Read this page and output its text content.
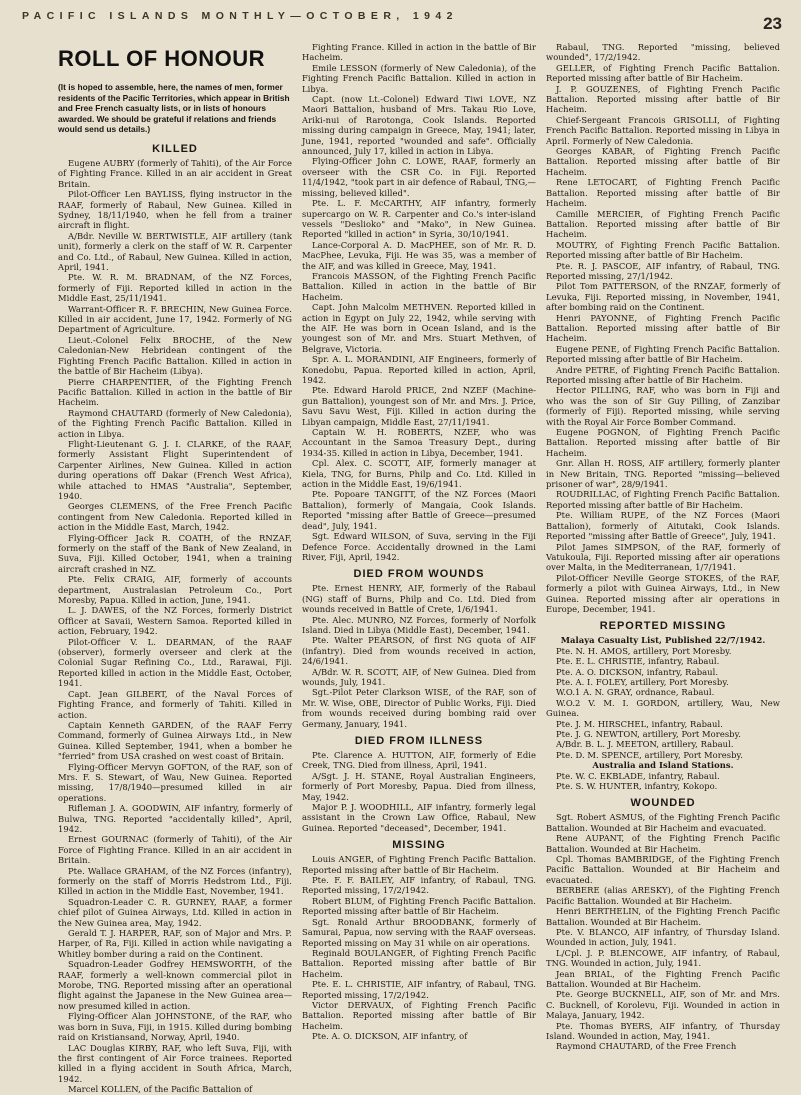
PACIFIC ISLANDS MONTHLY—OCTOBER, 1942	23
ROLL OF HONOUR
(It is hoped to assemble, here, the names of men, former residents of the Pacific Territories, which appear in British and Free French casualty lists, or in lists of honours awarded. We should be grateful if relations and friends would send us details.)
KILLED

Eugene AUBRY (formerly of Tahiti), of the Air Force of Fighting France. Killed in an air accident in Great Britain.

Pilot-Officer Len BAYLISS, flying instructor in the RAAF, formerly of Rabaul, New Guinea. Killed in Sydney, 18/11/1940, when he fell from a trainer aircraft in flight.

A/Bdr. Neville W. BERTWISTLE, AIF artillery (tank unit), formerly a clerk on the staff of W. R. Carpenter and Co. Ltd., of Rabaul, New Guinea. Killed in action, April, 1941.

Pte. W. R. M. BRADNAM, of the NZ Forces, formerly of Fiji. Reported killed in action in the Middle East, 25/11/1941.

Warrant-Officer R. F. BRECHIN, New Guinea Force. Killed in air accident, June 17, 1942. Formerly of NG Department of Agriculture.

Lieut.-Colonel Felix BROCHE, of the New Caledonian-New Hebridean contingent of the Fighting French Pacific Battalion. Killed in action in the battle of Bir Hacheim (Libya).

Pierre CHARPENTIER, of the Fighting French Pacific Battalion. Killed in action in the battle of Bir Hacheim.

Raymond CHAUTARD (formerly of New Caledonia), of the Fighting French Pacific Battalion. Killed in action in Libya.

Flight-Lieutenant G. J. I. CLARKE, of the RAAF, formerly Assistant Flight Superintendent of Carpenter Airlines, New Guinea. Killed in action during operations off Dakar (French West Africa), while attached to HMAS "Australia", September, 1940.

Georges CLEMENS, of the Free French Pacific contingent from New Caledonia. Reported killed in action in the Middle East, March, 1942.

Flying-Officer Jack R. COATH, of the RNZAF, formerly on the staff of the Bank of New Zealand, in Suva, Fiji. Killed October, 1941, when a training aircraft crashed in NZ.

Pte. Felix CRAIG, AIF, formerly of accounts department, Australasian Petroleum Co., Port Moresby, Papua. Killed in action, June, 1941.

L. J. DAWES, of the NZ Forces, formerly District Officer at Savaii, Western Samoa. Reported killed in action, February, 1942.

Pilot-Officer V. L. DEARMAN, of the RAAF (observer), formerly overseer and clerk at the Colonial Sugar Refining Co., Ltd., Rarawai, Fiji. Reported killed in action in the Middle East, October, 1941.

Capt. Jean GILBERT, of the Naval Forces of Fighting France, and formerly of Tahiti. Killed in action.

Captain Kenneth GARDEN, of the RAAF Ferry Command, formerly of Guinea Airways Ltd., in New Guinea. Killed September, 1941, when a bomber he "ferried" from USA crashed on west coast of Britain.

Flying-Officer Mervyn GOFTON, of the RAF, son of Mrs. F. S. Stewart, of Wau, New Guinea. Reported missing, 17/8/1940—presumed killed in air operations.

Rifleman J. A. GOODWIN, AIF infantry, formerly of Bulwa, TNG. Reported "accidentally killed", April, 1942.

Ernest GOURNAC (formerly of Tahiti), of the Air Force of Fighting France. Killed in an air accident in Britain.

Pte. Wallace GRAHAM, of the NZ Forces (infantry), formerly on the staff of Morris Hedstrom Ltd., Fiji. Killed in action in the Middle East, November, 1941.

Squadron-Leader C. R. GURNEY, RAAF, a former chief pilot of Guinea Airways, Ltd. Killed in action in the New Guinea area, May, 1942.

Gerald T. J. HARPER, RAF, son of Major and Mrs. P. Harper, of Ra, Fiji. Killed in action while navigating a Whitley bomber during a raid on the Continent.

Squadron-Leader Godfrey HEMSWORTH, of the RAAF, formerly a well-known commercial pilot in Morobe, TNG. Reported missing after an operational flight against the Japanese in the New Guinea area—now presumed killed in action.

Flying-Officer Alan JOHNSTONE, of the RAF, who was born in Suva, Fiji, in 1915. Killed during bombing raid on Kristiansand, Norway, April, 1940.

LAC Douglas KIRBY, RAF, who left Suva, Fiji, with the first contingent of Air Force trainees. Reported killed in a flying accident in South Africa, March, 1942.

Marcel KOLLEN, of the Pacific Battalion of

Fighting France. Killed in action in the battle of Bir Hacheim.

Emile LESSON (formerly of New Caledonia), of the Fighting French Pacific Battalion. Killed in action in Libya.

Capt. (now Lt.-Colonel) Edward Tiwi LOVE, NZ Maori Battalion, husband of Mrs. Takau Rio Love, Ariki-nui of Rarotonga, Cook Islands. Reported missing during campaign in Greece, May, 1941; later, June, 1941, reported "wounded and safe". Officially announced, July 17, killed in action in Libya.

Flying-Officer John C. LOWE, RAAF, formerly an overseer with the CSR Co. in Fiji. Reported 11/4/1942, "took part in air defence of Rabaul, TNG,—missing, believed killed".

Pte. L. F. McCARTHY, AIF infantry, formerly supercargo on W. R. Carpenter and Co.'s inter-island vessels "Deslioko" and "Mako", in New Guinea. Reported "killed in action" in Syria, 30/10/1941.

Lance-Corporal A. D. MacPHEE, son of Mr. R. D. MacPhee, Levuka, Fiji. He was 35, was a member of the AIF, and was killed in Greece, May, 1941.

Francois MASSON, of the Fighting French Pacific Battalion. Killed in action in the battle of Bir Hacheim.

Capt. John Malcolm METHVEN. Reported killed in action in Egypt on July 22, 1942, while serving with the AIF. He was born in Ocean Island, and is the youngest son of Mr. and Mrs. Stuart Methven, of Belgrave, Victoria.

Spr. A. L. MORANDINI, AIF Engineers, formerly of Konedobu, Papua. Reported killed in action, April, 1942.

Pte. Edward Harold PRICE, 2nd NZEF (Machine-gun Battalion), youngest son of Mr. and Mrs. J. Price, Savu Savu West, Fiji. Killed in action during the Libyan campaign, Middle East, 27/11/1941.

Captain W. H. ROBERTS, NZEF, who was Accountant in the Samoa Treasury Dept., during 1934-35. Killed in action in Libya, December, 1941.

Cpl. Alex. C. SCOTT, AIF, formerly manager at Kiela, TNG, for Burns, Philp and Co. Ltd. Killed in action in the Middle East, 19/6/1941.

Pte. Popoare TANGITT, of the NZ Forces (Maori Battalion), formerly of Mangaia, Cook Islands. Reported "missing after Battle of Greece—presumed dead", July, 1941.

Sgt. Edward WILSON, of Suva, serving in the Fiji Defence Force. Accidentally drowned in the Lami River, Fiji, April, 1942.

DIED FROM WOUNDS

Pte. Ernest HENRY, AIF, formerly of the Rabaul (NG) staff of Burns, Philp and Co. Ltd. Died from wounds received in Battle of Crete, 1/6/1941.

Pte. Alec. MUNRO, NZ Forces, formerly of Norfolk Island. Died in Libya (Middle East), December, 1941.

Pte. Walter PEARSON, of first NG quota of AIF (infantry). Died from wounds received in action, 24/6/1941.

A/Bdr. W. R. SCOTT, AIF, of New Guinea. Died from wounds, July, 1941.

Sgt.-Pilot Peter Clarkson WISE, of the RAF, son of Mr. W. Wise, OBE, Director of Public Works, Fiji. Died from wounds received during bombing raid over Germany, January, 1941.

DIED FROM ILLNESS

Pte. Clarence A. HUTTON, AIF, formerly of Edie Creek, TNG. Died from illness, April, 1941.

A/Sgt. J. H. STANE, Royal Australian Engineers, formerly of Port Moresby, Papua. Died from illness, May, 1942.

Major P. J. WOODHILL, AIF infantry, formerly legal assistant in the Crown Law Office, Rabaul, New Guinea. Reported "deceased", December, 1941.

MISSING

Louis ANGER, of Fighting French Pacific Battalion. Reported missing after battle of Bir Hacheim.

Pte. F. F. BAILEY, AIF infantry, of Rabaul, TNG. Reported missing, 17/2/1942.

Robert BLUM, of Fighting French Pacific Battalion. Reported missing after battle of Bir Hacheim.

Sgt. Ronald Arthur BROODBANK, formerly of Samurai, Papua, now serving with the RAAF overseas. Reported missing on May 31 while on air operations.

Reginald BOULANGER, of Fighting French Pacific Battalion. Reported missing after battle of Bir Hacheim.

Pte. E. L. CHRISTIE, AIF infantry, of Rabaul, TNG. Reported missing, 17/2/1942.

Victor DERVAUX, of Fighting French Pacific Battalion. Reported missing after battle of Bir Hacheim.

Pte. A. O. DICKSON, AIF infantry, of

Rabaul, TNG. Reported "missing, believed wounded", 17/2/1942.

GELLER, of Fighting French Pacific Battalion. Reported missing after battle of Bir Hacheim.

J. P. GOUZENES, of Fighting French Pacific Battalion. Reported missing after battle of Bir Hacheim.

Chief-Sergeant Francois GRISOLLI, of Fighting French Pacific Battalion. Reported missing in Libya in April. Formerly of New Caledonia.

Georges KABAR, of Fighting French Pacific Battalion. Reported missing after battle of Bir Hacheim.

Rene LETOCART, of Fighting French Pacific Battalion. Reported missing after battle of Bir Hacheim.

Camille MERCIER, of Fighting French Pacific Battalion. Reported missing after battle of Bir Hacheim.

MOUTRY, of Fighting French Pacific Battalion. Reported missing after battle of Bir Hacheim.

Pte. R. J. PASCOE, AIF infantry, of Rabaul, TNG. Reported missing, 27/1/1942.

Pilot Tom PATTERSON, of the RNZAF, formerly of Levuka, Fiji. Reported missing, in November, 1941, after bombing raid on the Continent.

Henri PAYONNE, of Fighting French Pacific Battalion. Reported missing after battle of Bir Hacheim.

Eugene PENE, of Fighting French Pacific Battalion. Reported missing after battle of Bir Hacheim.

Andre PETRE, of Fighting French Pacific Battalion. Reported missing after battle of Bir Hacheim.

Hector PILLING, RAF, who was born in Fiji and who was the son of Sir Guy Pilling, of Zanzibar (formerly of Fiji). Reported missing, while serving with the Royal Air Force Bomber Command.

Eugene POGNON, of Fighting French Pacific Battalion. Reported missing after battle of Bir Hacheim.

Gnr. Allan H. ROSS, AIF artillery, formerly planter in New Britain, TNG. Reported "missing—believed prisoner of war", 28/9/1941.

ROUDRILLAC, of Fighting French Pacific Battalion. Reported missing after battle of Bir Hacheim.

Pte. William RUPE, of the NZ Forces (Maori Battalion), formerly of Aitutaki, Cook Islands. Reported "missing after Battle of Greece", July, 1941.

Pilot James SIMPSON, of the RAF, formerly of Vatukoula, Fiji. Reported missing after air operations over Malta, in the Mediterranean, 1/7/1941.

Pilot-Officer Neville George STOKES, of the RAF, formerly a pilot with Guinea Airways, Ltd., in New Guinea. Reported missing after air operations in Europe, December, 1941.

REPORTED MISSING

Malaya Casualty List, Published 22/7/1942.

Pte. N. H. AMOS, artillery, Port Moresby.

Pte. E. L. CHRISTIE, infantry, Rabaul.

Pte. A. O. DICKSON, infantry, Rabaul.

Pte. A. I. FOLEY, artillery, Port Moresby.

W.O.1 A. N. GRAY, ordnance, Rabaul.

W.O.2 V. M. I. GORDON, artillery, Wau, New Guinea.

Pte. J. M. HIRSCHEL, infantry, Rabaul.

Pte. J. G. NEWTON, artillery, Port Moresby.

A/Bdr. B. L. J. MEETON, artillery, Rabaul.

Pte. D. M. SPENCE, artillery, Port Moresby.

Australia and Island Stations.

Pte. W. C. EKBLADE, infantry, Rabaul.

Pte. S. W. HUNTER, infantry, Kokopo.

WOUNDED

Sgt. Robert ASMUS, of the Fighting French Pacific Battalion. Wounded at Bir Hacheim and evacuated.

Rene AUPANT, of the Fighting French Pacific Battalion. Wounded at Bir Hacheim.

Cpl. Thomas BAMBRIDGE, of the Fighting French Pacific Battalion. Wounded at Bir Hacheim and evacuated.

BERBERE (alias ARESKY), of the Fighting French Pacific Battalion. Wounded at Bir Hacheim.

Henri BERTHELIN, of the Fighting French Pacific Battalion. Wounded at Bir Hacheim.

Pte. V. BLANCO, AIF infantry, of Thursday Island. Wounded in action, July, 1941.

L/Cpl. J. P. BLENCOWE, AIF infantry, of Rabaul, TNG. Wounded in action, July, 1941.

Jean BRIAL, of the Fighting French Pacific Battalion. Wounded at Bir Hacheim.

Pte. George BUCKNELL, AIF, son of Mr. and Mrs. C. Bucknell, of Korolevu, Fiji. Wounded in action in Malaya, January, 1942.

Pte. Thomas BYERS, AIF infantry, of Thursday Island. Wounded in action, May, 1941.

Raymond CHAUTARD, of the Free French
